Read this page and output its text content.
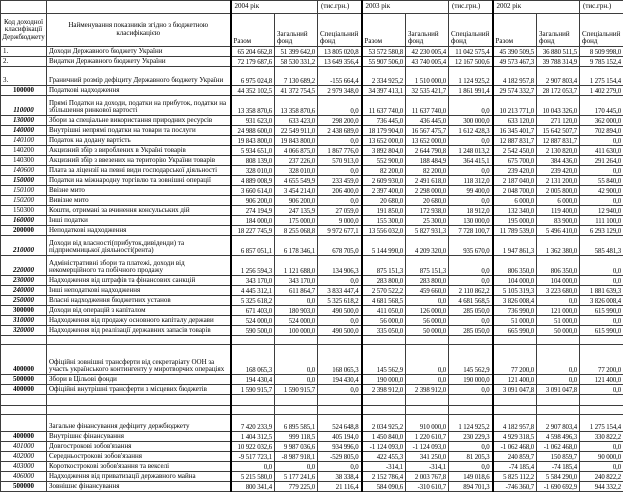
		2004 рік		(тис.грн.)	2003 рік		(тис.грн.)	2002 рік		(тис.грн.)
Код доходної класифікації Держбюджету	Найменування показників згідно з бюджетною класифікацією	Разом	Загальний фонд	Спеціальний фонд	Разом	Загальний фонд	Спеціальний фонд	Разом	Загальний фонд	Спеціальний фонд
1.	Доходи Державного бюджету України	65 204 662,8	51 399 642,0	13 805 020,8	53 572 580,8	42 230 005,4	11 042 575,4	45 390 509,5	36 880 511,5	8 509 998,0
2.	Видатки Державного бюджету України	72 179 687,6	58 530 331,2	13 649 356,4	55 907 506,0	43 740 005,4	12 167 500,6	49 573 467,3	39 788 314,9	9 785 152,4
3.	Граничний розмір дефіциту Державного бюджету України	6 975 024,8	7 130 689,2	-155 664,4	2 334 925,2	1 510 000,0	1 124 925,2	4 182 957,8	2 907 803,4	1 275 154,4
100000	Податкові надходження	44 352 102,5	41 372 754,5	2 979 348,0	34 397 413,1	32 535 421,7	1 861 991,4	29 574 332,7	28 172 053,7	1 402 279,0
110000	Прямі Податки на доходи, податки на прибуток, податки на збільшення ринкової вартості	13 358 870,6	13 358 870,6	0,0	11 637 740,0	11 637 740,0	0,0	10 213 771,0	10 043 326,0	170 445,0
130000	Збори за спеціальне використання природних ресурсів	931 623,0	633 423,0	298 200,0	736 445,0	436 445,0	300 000,0	633 120,0	271 120,0	362 000,0
140000	Внутрішні непрямі податки на товари та послуги	24 988 600,0	22 549 911,0	2 438 689,0	18 179 904,0	16 567 475,7	1 612 428,3	16 345 401,7	15 642 507,7	702 894,0
140100	Податок на додану вартість	19 843 800,0	19 843 800,0	0,0	13 652 000,0	13 652 000,0	0,0	12 887 831,7	12 887 831,7	0,0
140200	Акцизний збір з вироблених в Україні товарів	5 934 651,0	4 066 875,0	1 867 776,0	3 892 804,0	2 644 790,8	1 248 013,2	2 542 450,0	2 130 820,0	411 630,0
140300	Акцизний збір з ввезених на територію України товарів	808 139,0	237 226,0	570 913,0	552 900,0	188 484,9	364 415,1	675 700,0	384 436,0	291 264,0
140600	Плата за ліцензії на певні види господарської діяльності	328 010,0	328 010,0	0,0	82 200,0	82 200,0	0,0	239 420,0	239 420,0	0,0
150000	Податки на міжнародну торгівлю та зовнішні операції	4 889 008,9	4 655 549,9	233 459,0	2 609 930,0	2 491 618,0	118 312,0	2 187 040,0	2 131 200,0	55 840,0
150100	Ввізне мито	3 660 614,0	3 454 214,0	206 400,0	2 397 400,0	2 298 000,0	99 400,0	2 048 700,0	2 005 800,0	42 900,0
150200	Вивізне мито	906 200,0	906 200,0	0,0	20 680,0	20 680,0	0,0	6 000,0	6 000,0	0,0
150300	Кошти, отримані за вчинення консульських дій	274 194,9	247 135,9	27 059,0	191 850,0	172 938,0	18 912,0	132 340,0	119 400,0	12 940,0
160000	Інші податки	184 000,0	175 000,0	9 000,0	155 300,0	25 300,0	130 000,0	195 000,0	83 900,0	111 100,0
200000	Неподаткові надходження	18 227 745,9	8 255 068,8	9 972 677,1	13 556 032,0	5 827 931,3	7 728 100,7	11 789 539,0	5 496 410,0	6 293 129,0
210000	Доходи від власності(прибуток,дивіденди) та підприємницької діяльності(рента)	6 857 051,1	6 178 346,1	678 705,0	5 144 990,0	4 209 320,0	935 670,0	1 947 861,3	1 362 380,0	585 481,3
220000	Адміністративні збори та платежі, доходи від некомерційного та побічного продажу	1 256 594,3	1 121 688,0	134 906,3	875 151,3	875 151,3	0,0	806 350,0	806 350,0	0,0
230000	Надходження від штрафів та фінансових санкцій	343 170,0	343 170,0	0,0	283 800,0	283 800,0	0,0	104 000,0	104 000,0	0,0
240000	Інші неподаткові надходження	4 445 312,1	611 864,7	3 833 447,4	2 570 522,2	459 660,0	2 110 862,2	5 105 319,3	3 223 680,0	1 881 639,3
250000	Власні надходження бюджетних установ	5 325 618,2	0,0	5 325 618,2	4 681 568,5	0,0	4 681 568,5	3 826 008,4	0,0	3 826 008,4
300000	Доходи від операцій з капіталом	671 403,0	180 903,0	490 500,0	411 050,0	126 000,0	285 050,0	736 990,0	121 000,0	615 990,0
310000	Надходження від продажу основного капіталу держави	524 000,0	524 000,0	0,0	56 000,0	56 000,0	0,0	51 000,0	51 000,0	0,0
320000	Надходження від реалізації державних запасів товарів	590 500,0	100 000,0	490 500,0	335 050,0	50 000,0	285 050,0	665 990,0	50 000,0	615 990,0

400000	Офіційні зовнішні трансферти від секретаріату ООН за участь українського контингенту у миротворчих операціях	168 065,3	0,0	168 065,3	145 562,9	0,0	145 562,9	77 200,0	0,0	77 200,0
500000	Збори в Цільові фонди	194 430,4	0,0	194 430,4	190 000,0	0,0	190 000,0	121 400,0	0,0	121 400,0
400000	Офіційні внутрішні трансферти з місцевих бюджетів	1 590 915,7	1 590 915,7	0,0	2 398 912,0	2 398 912,0	0,0	3 091 047,8	3 091 047,8	0,0

	Загальне фінансування дефіциту держбюджету	7 420 233,9	6 895 585,1	524 648,8	2 034 925,2	910 000,0	1 124 925,2	4 182 957,8	2 907 803,4	1 275 154,4
400000	Внутрішнє фінансування	1 404 312,5	999 118,5	405 194,0	1 450 840,0	1 220 610,7	230 229,3	4 929 318,5	4 598 496,3	330 822,2
401000	Довгострокові зобов'язання	10 922 032,6	9 987 036,6	934 996,0	-1 124 093,0	-1 124 093,0	0,0	-1 062 468,0	-1 062 468,0	0,0
402000	Середньострокові зобов'язання	-9 517 723,1	-8 987 918,1	-529 805,0	422 455,3	341 250,0	81 205,3	240 859,7	150 859,7	90 000,0
403000	Короткострокові зобов'язання та векселі	0,0	0,0	0,0	-314,1	-314,1	0,0	-74 185,4	-74 185,4	0,0
406000	Надходження від приватизації державного майна	5 215 580,0	5 177 241,6	38 338,4	2 152 786,4	2 003 767,8	149 018,6	5 825 112,2	5 584 290,0	240 822,2
500000	Зовнішнє фінансування	800 341,4	779 225,0	21 116,4	584 090,6	-310 610,7	894 701,3	-746 360,7	-1 690 692,9	944 332,2
